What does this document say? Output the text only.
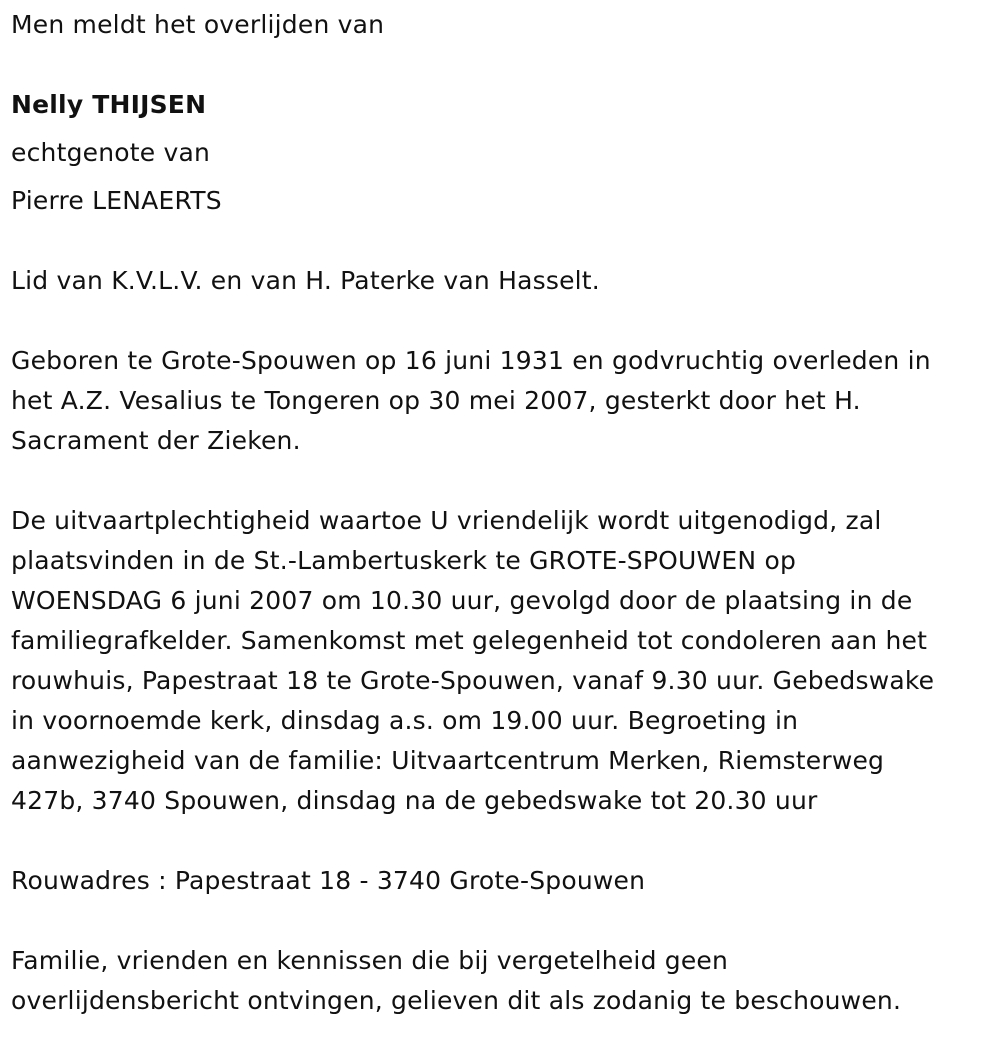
Men meldt het overlijden van
Nelly THIJSEN
echtgenote van
Pierre LENAERTS
Lid van K.V.L.V. en van H. Paterke van Hasselt.
Geboren te Grote-Spouwen op 16 juni 1931 en godvruchtig overleden in
het A.Z. Vesalius te Tongeren op 30 mei 2007, gesterkt door het H.
Sacrament der Zieken.
De uitvaartplechtigheid waartoe U vriendelijk wordt uitgenodigd, zal
plaatsvinden in de St.-Lambertuskerk te GROTE-SPOUWEN op
WOENSDAG 6 juni 2007 om 10.30 uur, gevolgd door de plaatsing in de
familiegrafkelder. Samenkomst met gelegenheid tot condoleren aan het
rouwhuis, Papestraat 18 te Grote-Spouwen, vanaf 9.30 uur. Gebedswake
in voornoemde kerk, dinsdag a.s. om 19.00 uur. Begroeting in
aanwezigheid van de familie: Uitvaartcentrum Merken, Riemsterweg
427b, 3740 Spouwen, dinsdag na de gebedswake tot 20.30 uur
Rouwadres : Papestraat 18 - 3740 Grote-Spouwen
Familie, vrienden en kennissen die bij vergetelheid geen
overlijdensbericht ontvingen, gelieven dit als zodanig te beschouwen.
